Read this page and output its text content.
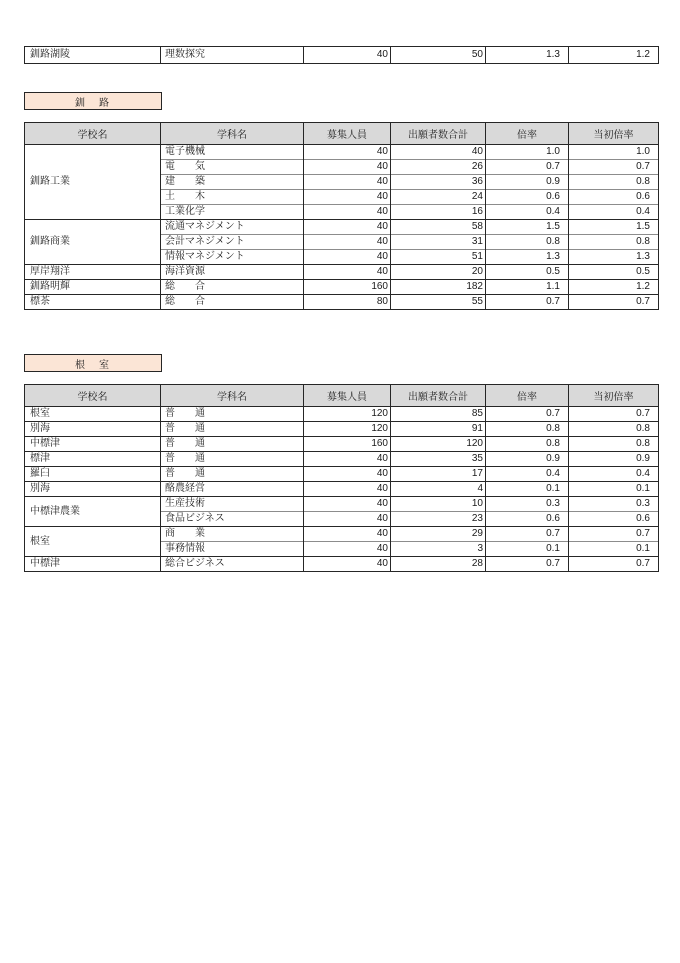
釧路湖陵	理数探究	40	50	1.3	1.2
釧　路
学校名	学科名	募集人員	出願者数合計	倍率	当初倍率
釧路工業	電子機械	40	40	1.0	1.0
	電　　気	40	26	0.7	0.7
	建　　築	40	36	0.9	0.8
	土　　木	40	24	0.6	0.6
	工業化学	40	16	0.4	0.4
釧路商業	流通マネジメント	40	58	1.5	1.5
	会計マネジメント	40	31	0.8	0.8
	情報マネジメント	40	51	1.3	1.3
厚岸翔洋	海洋資源	40	20	0.5	0.5
釧路明輝	総　　合	160	182	1.1	1.2
標茶	総　　合	80	55	0.7	0.7
根　室
学校名	学科名	募集人員	出願者数合計	倍率	当初倍率
根室	普　　通	120	85	0.7	0.7
別海	普　　通	120	91	0.8	0.8
中標津	普　　通	160	120	0.8	0.8
標津	普　　通	40	35	0.9	0.9
羅臼	普　　通	40	17	0.4	0.4
別海	酪農経営	40	4	0.1	0.1
中標津農業	生産技術	40	10	0.3	0.3
	食品ビジネス	40	23	0.6	0.6
根室	商　　業	40	29	0.7	0.7
	事務情報	40	3	0.1	0.1
中標津	総合ビジネス	40	28	0.7	0.7
